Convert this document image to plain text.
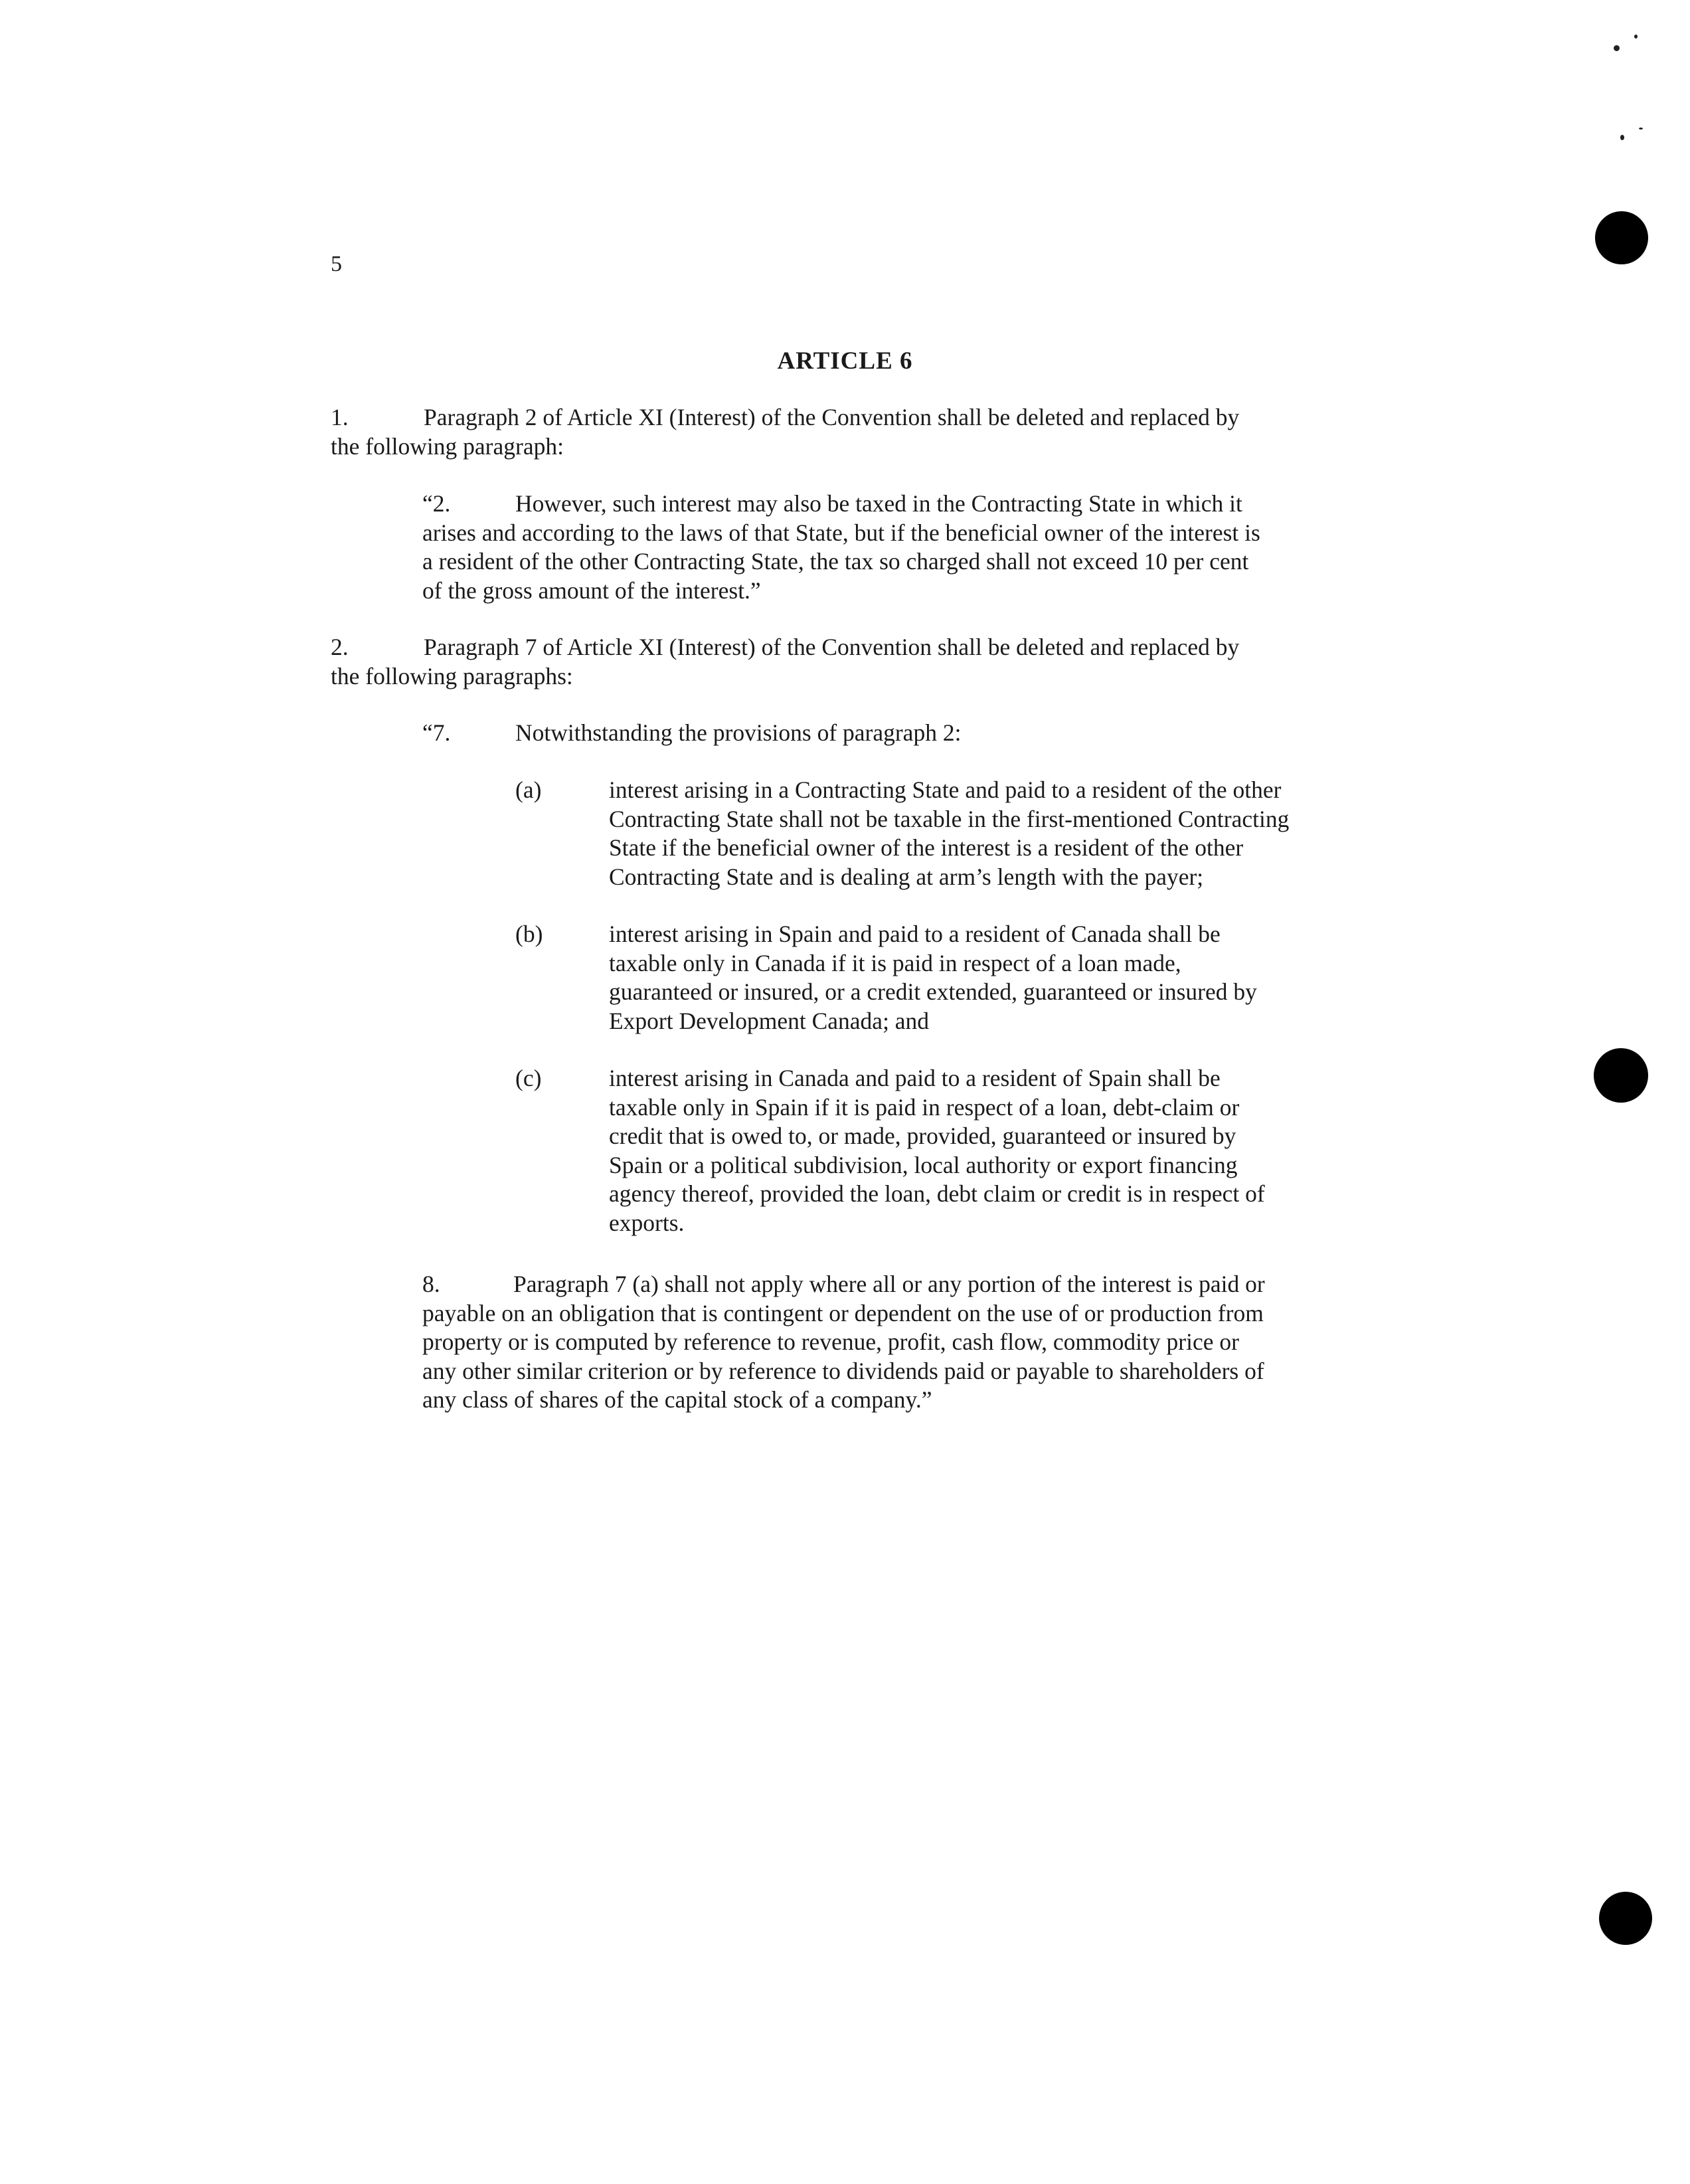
5
ARTICLE 6
1.	Paragraph 2 of Article XI (Interest) of the Convention shall be deleted and replaced by
the following paragraph:
“2.	However, such interest may also be taxed in the Contracting State in which it
arises and according to the laws of that State, but if the beneficial owner of the interest is
a resident of the other Contracting State, the tax so charged shall not exceed 10 per cent
of the gross amount of the interest.”
2.	Paragraph 7 of Article XI (Interest) of the Convention shall be deleted and replaced by
the following paragraphs:
“7.	Notwithstanding the provisions of paragraph 2:
(a)	interest arising in a Contracting State and paid to a resident of the other
Contracting State shall not be taxable in the first-mentioned Contracting
State if the beneficial owner of the interest is a resident of the other
Contracting State and is dealing at arm’s length with the payer;
(b)	interest arising in Spain and paid to a resident of Canada shall be
taxable only in Canada if it is paid in respect of a loan made,
guaranteed or insured, or a credit extended, guaranteed or insured by
Export Development Canada; and
(c)	interest arising in Canada and paid to a resident of Spain shall be
taxable only in Spain if it is paid in respect of a loan, debt-claim or
credit that is owed to, or made, provided, guaranteed or insured by
Spain or a political subdivision, local authority or export financing
agency thereof, provided the loan, debt claim or credit is in respect of
exports.
8.	Paragraph 7 (a) shall not apply where all or any portion of the interest is paid or
payable on an obligation that is contingent or dependent on the use of or production from
property or is computed by reference to revenue, profit, cash flow, commodity price or
any other similar criterion or by reference to dividends paid or payable to shareholders of
any class of shares of the capital stock of a company.”
